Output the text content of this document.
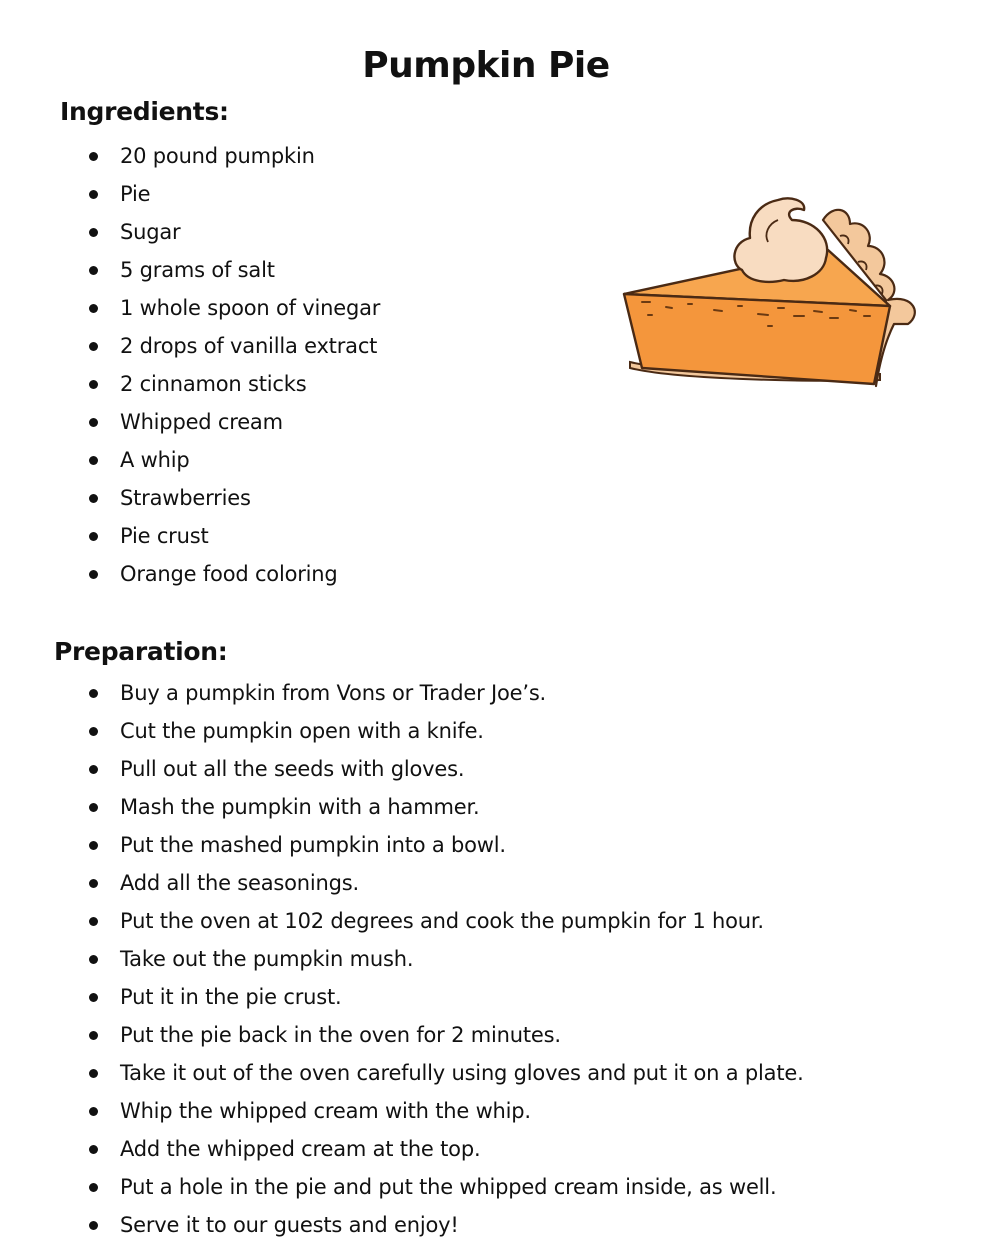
Pumpkin Pie
Ingredients:
20 pound pumpkin
Pie
Sugar
5 grams of salt
1 whole spoon of vinegar
2 drops of vanilla extract
2 cinnamon sticks
Whipped cream
A whip
Strawberries
Pie crust
Orange food coloring
Preparation:
Buy a pumpkin from Vons or Trader Joe’s.
Cut the pumpkin open with a knife.
Pull out all the seeds with gloves.
Mash the pumpkin with a hammer.
Put the mashed pumpkin into a bowl.
Add all the seasonings.
Put the oven at 102 degrees and cook the pumpkin for 1 hour.
Take out the pumpkin mush.
Put it in the pie crust.
Put the pie back in the oven for 2 minutes.
Take it out of the oven carefully using gloves and put it on a plate.
Whip the whipped cream with the whip.
Add the whipped cream at the top.
Put a hole in the pie and put the whipped cream inside, as well.
Serve it to our guests and enjoy!
